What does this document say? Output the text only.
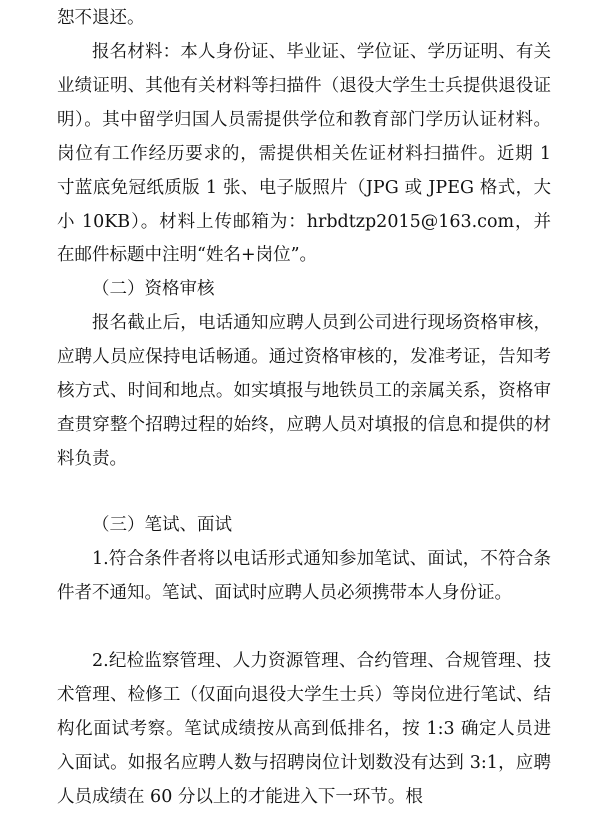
恕不退还。

报名材料：本人身份证、毕业证、学位证、学历证明、有关业绩证明、其他有关材料等扫描件（退役大学生士兵提供退役证明）。其中留学归国人员需提供学位和教育部门学历认证材料。岗位有工作经历要求的，需提供相关佐证材料扫描件。近期 1 寸蓝底免冠纸质版 1 张、电子版照片（JPG 或 JPEG 格式，大小 10KB）。材料上传邮箱为：hrbdtzp2015@163.com，并在邮件标题中注明“姓名+岗位”。

（二）资格审核

报名截止后，电话通知应聘人员到公司进行现场资格审核，应聘人员应保持电话畅通。通过资格审核的，发准考证，告知考核方式、时间和地点。如实填报与地铁员工的亲属关系，资格审查贯穿整个招聘过程的始终，应聘人员对填报的信息和提供的材料负责。

（三）笔试、面试

1.符合条件者将以电话形式通知参加笔试、面试，不符合条件者不通知。笔试、面试时应聘人员必须携带本人身份证。

2.纪检监察管理、人力资源管理、合约管理、合规管理、技术管理、检修工（仅面向退役大学生士兵）等岗位进行笔试、结构化面试考察。笔试成绩按从高到低排名，按 1:3 确定人员进入面试。如报名应聘人数与招聘岗位计划数没有达到 3:1，应聘人员成绩在 60 分以上的才能进入下一环节。根
